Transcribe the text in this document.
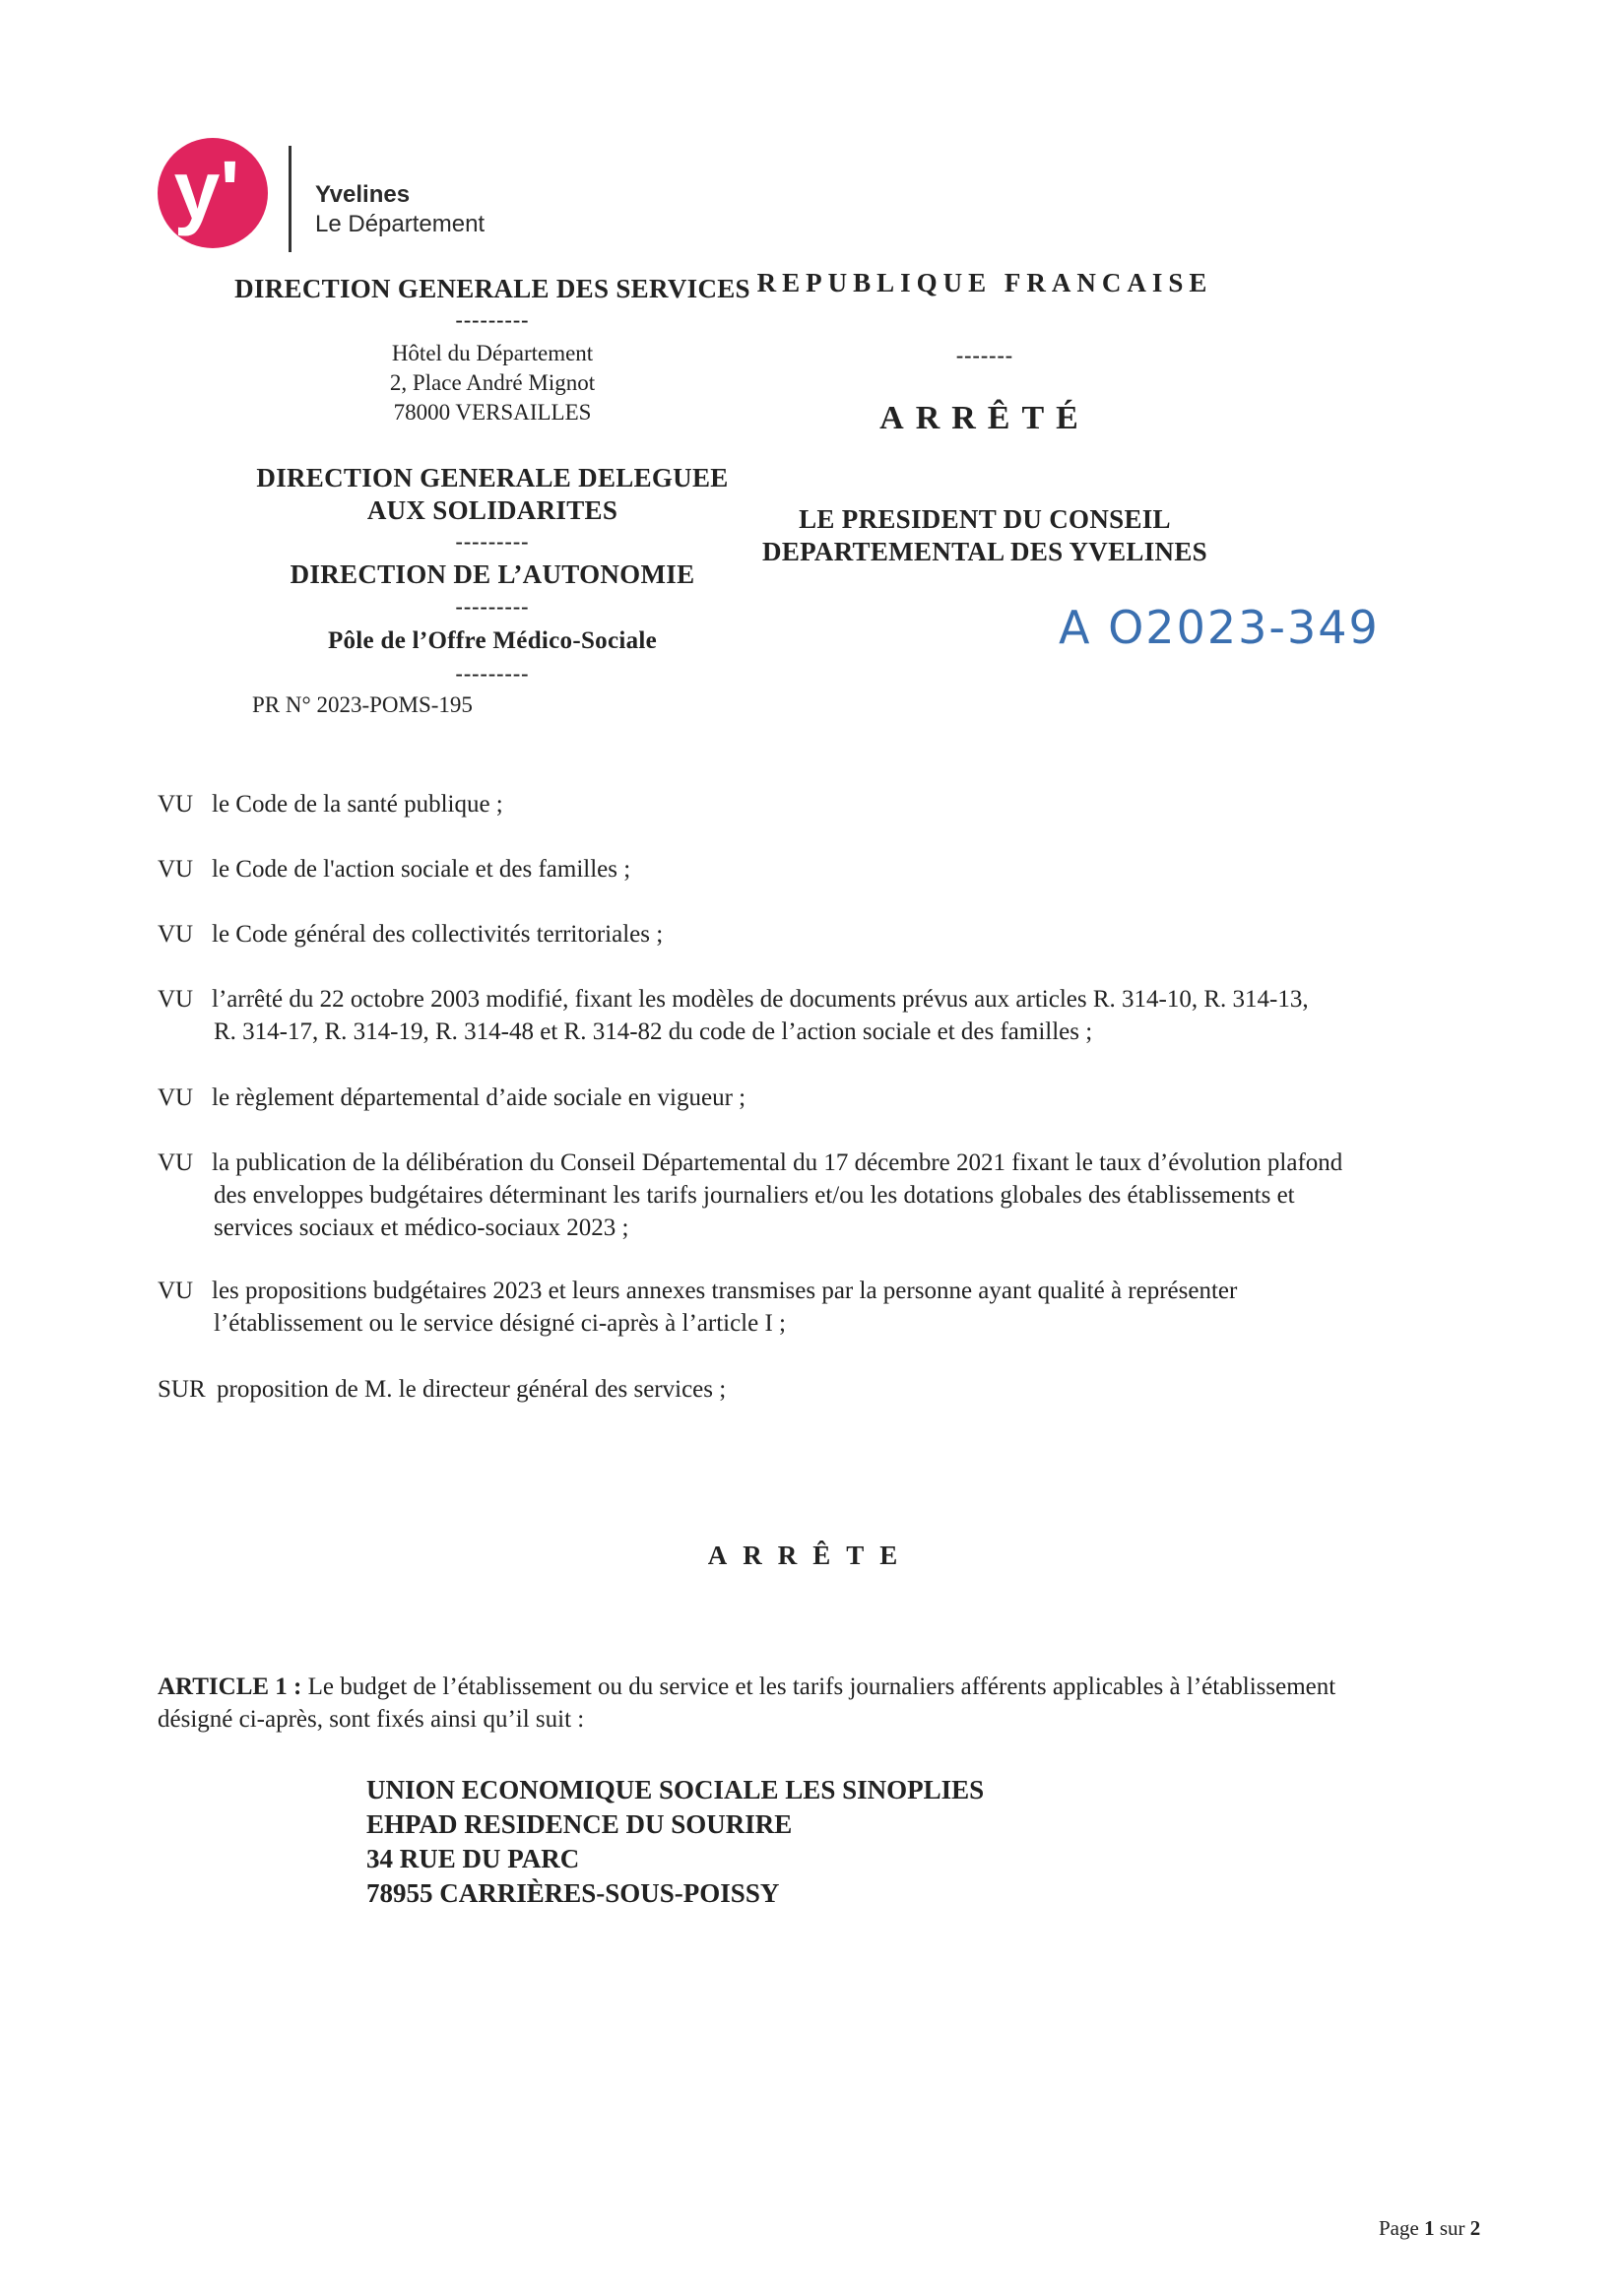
y'	Yvelines
Le Département
DIRECTION GENERALE DES SERVICES
---------
Hôtel du Département
2, Place André Mignot
78000 VERSAILLES
DIRECTION GENERALE DELEGUEE
AUX SOLIDARITES
---------
DIRECTION DE L’AUTONOMIE
---------
Pôle de l’Offre Médico-Sociale
---------
PR N° 2023-POMS-195
REPUBLIQUE FRANCAISE
-------
ARRÊTÉ
LE PRESIDENT DU CONSEIL
DEPARTEMENTAL DES YVELINES
A O2023-349
VU le Code de la santé publique ;
VU le Code de l'action sociale et des familles ;
VU le Code général des collectivités territoriales ;
VU l’arrêté du 22 octobre 2003 modifié, fixant les modèles de documents prévus aux articles R. 314-10, R. 314-13,
R. 314-17, R. 314-19, R. 314-48 et R. 314-82 du code de l’action sociale et des familles ;
VU le règlement départemental d’aide sociale en vigueur ;
VU la publication de la délibération du Conseil Départemental du 17 décembre 2021 fixant le taux d’évolution plafond
des enveloppes budgétaires déterminant les tarifs journaliers et/ou les dotations globales des établissements et
services sociaux et médico-sociaux 2023 ;
VU les propositions budgétaires 2023 et leurs annexes transmises par la personne ayant qualité à représenter
l’établissement ou le service désigné ci-après à l’article I ;
SUR proposition de M. le directeur général des services ;
ARRÊTE
ARTICLE 1 : Le budget de l’établissement ou du service et les tarifs journaliers afférents applicables à l’établissement
désigné ci-après, sont fixés ainsi qu’il suit :
UNION ECONOMIQUE SOCIALE LES SINOPLIES
EHPAD RESIDENCE DU SOURIRE
34 RUE DU PARC
78955 CARRIÈRES-SOUS-POISSY
Page 1 sur 2
